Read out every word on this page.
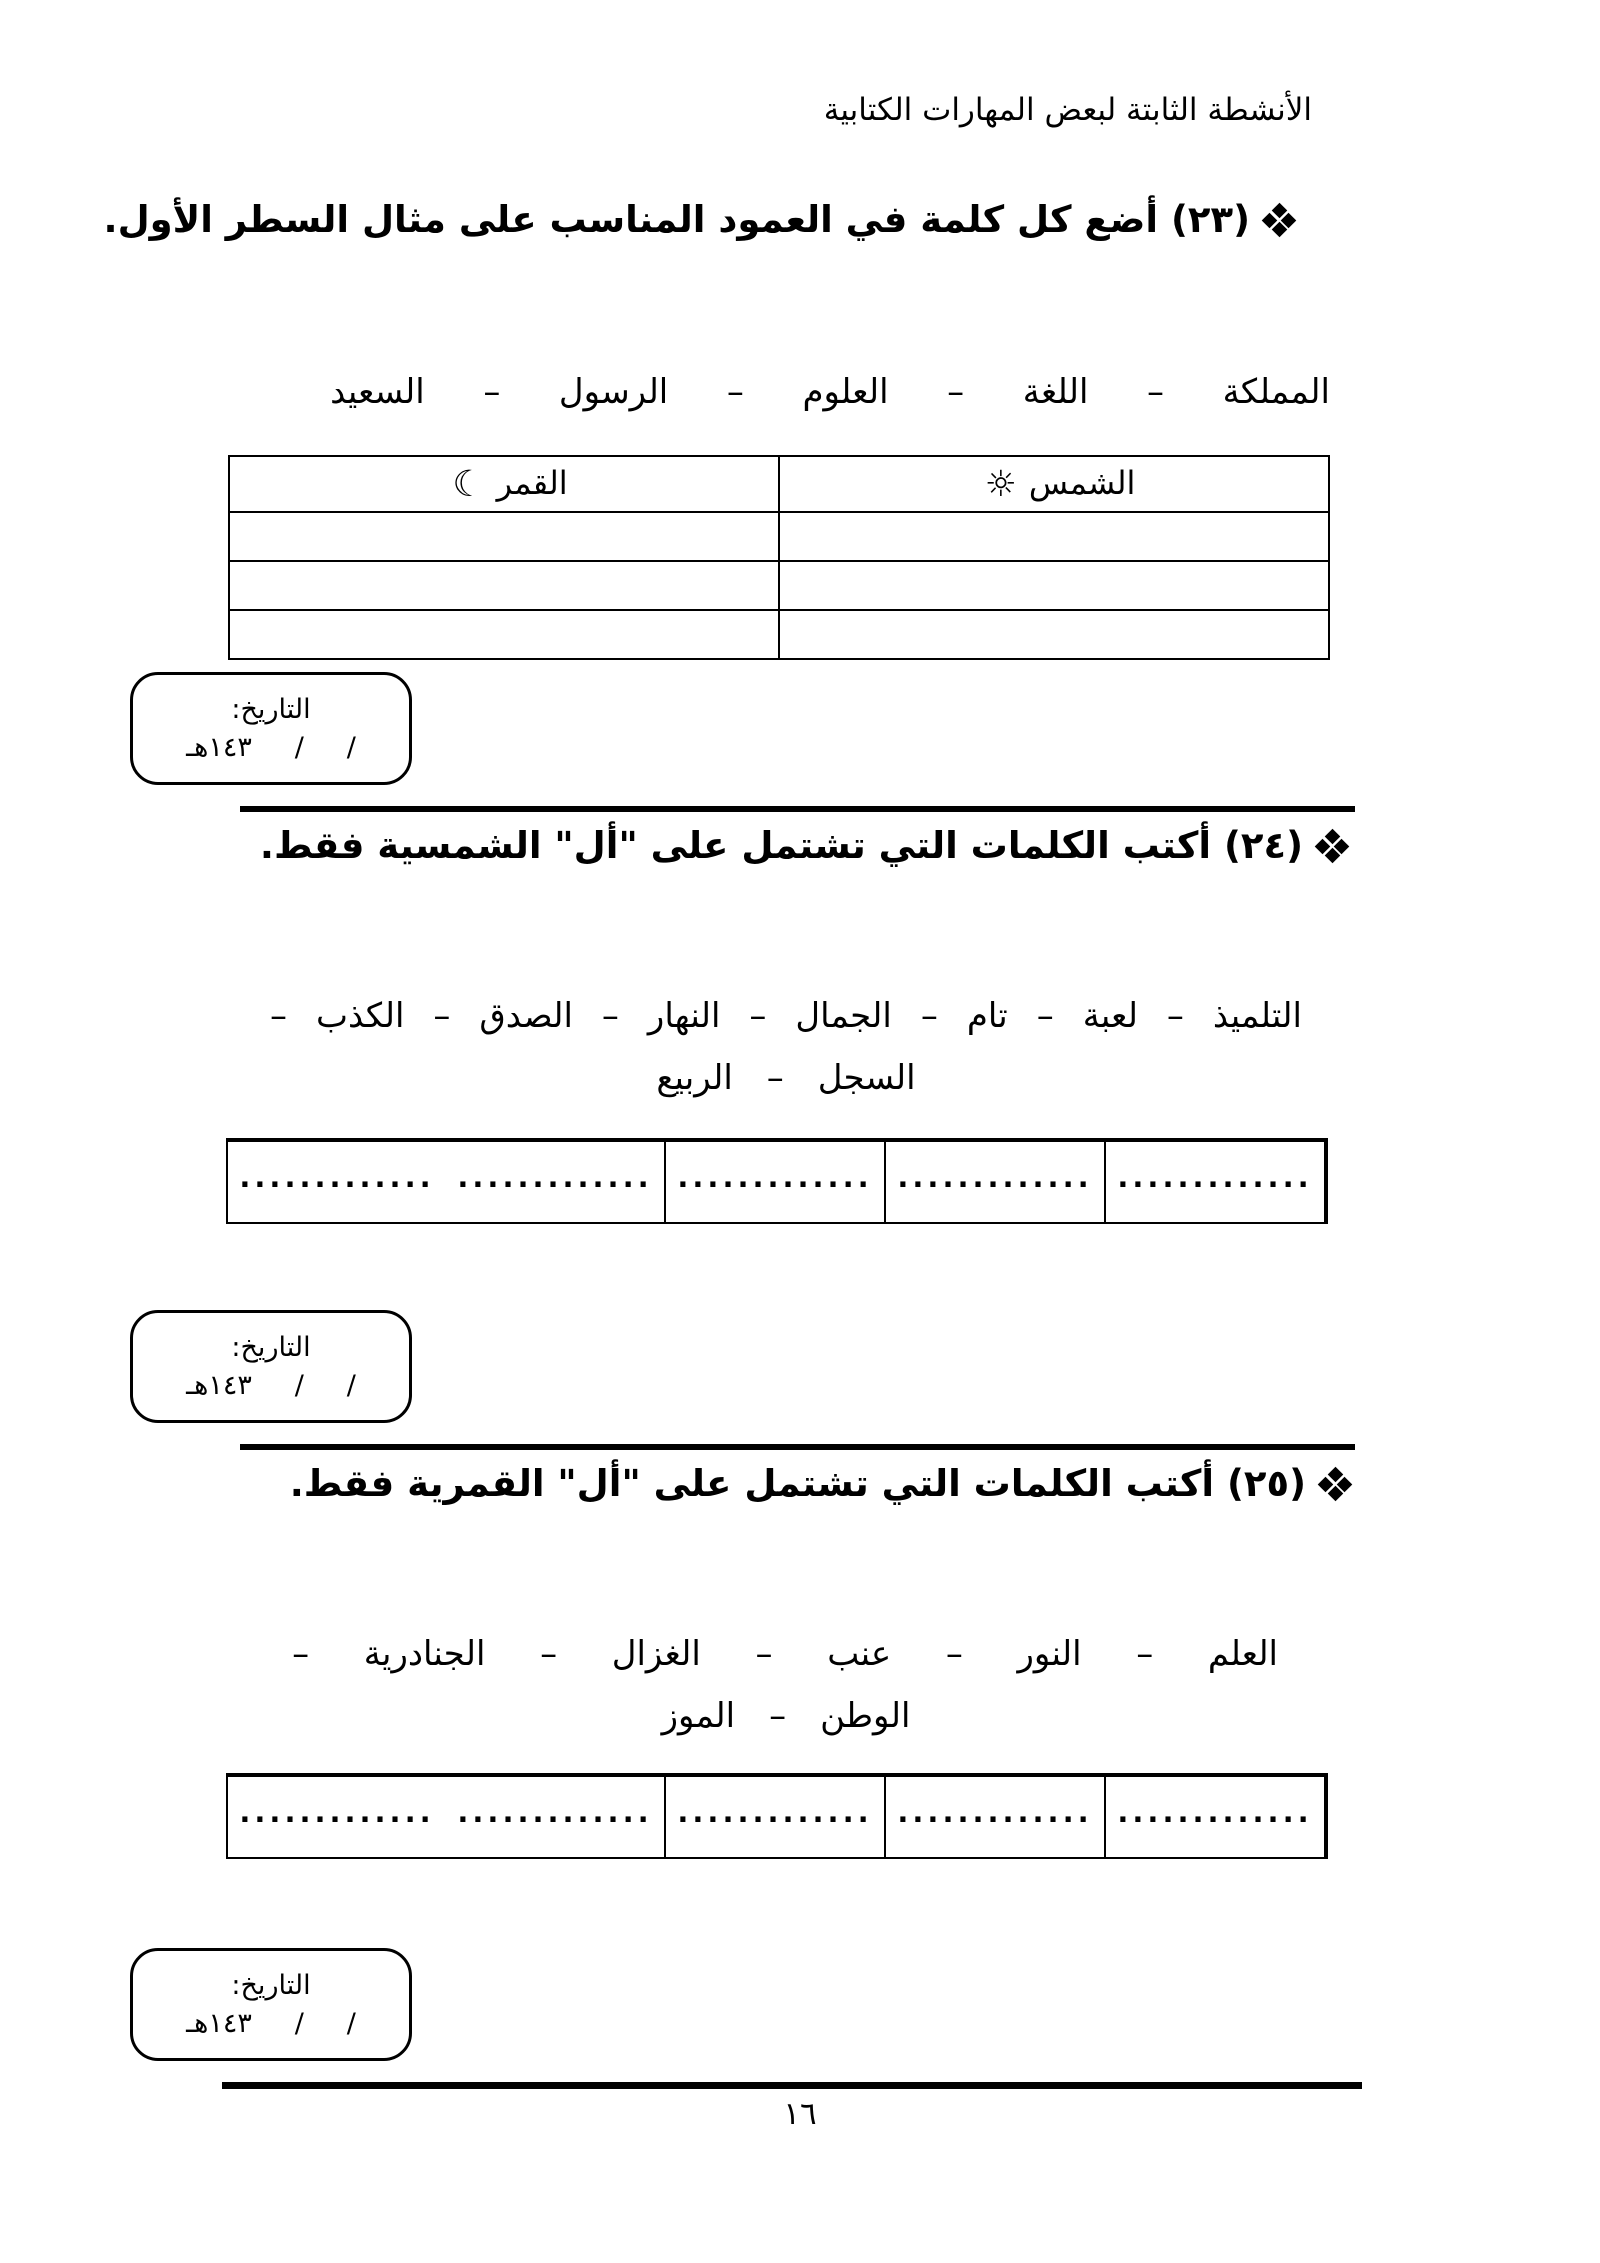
الأنشطة الثابتة لبعض المهارات الكتابية
(٢٣) أضع كل كلمة في العمود المناسب على مثال السطر الأول.
المملكة
–
اللغة
–
العلوم
–
الرسول
–
السعيد
الشمس☼	القمر☾

التاريخ:
/     /     ١٤٣هـ
(٢٤) أكتب الكلمات التي تشتمل على "أل" الشمسية فقط.
التلميذ
–
لعبة
–
تام
–
الجمال
–
النهار
–
الصدق
–
الكذب
–
السجل
–
الربيع
............. ............. ............. ............. .............
التاريخ:
/     /     ١٤٣هـ
(٢٥) أكتب الكلمات التي تشتمل على "أل" القمرية فقط.
العلم
–
النور
–
عنب
–
الغزال
–
الجنادرية
–
الوطن
–
الموز
............. ............. ............. ............. .............
التاريخ:
/     /     ١٤٣هـ
١٦
